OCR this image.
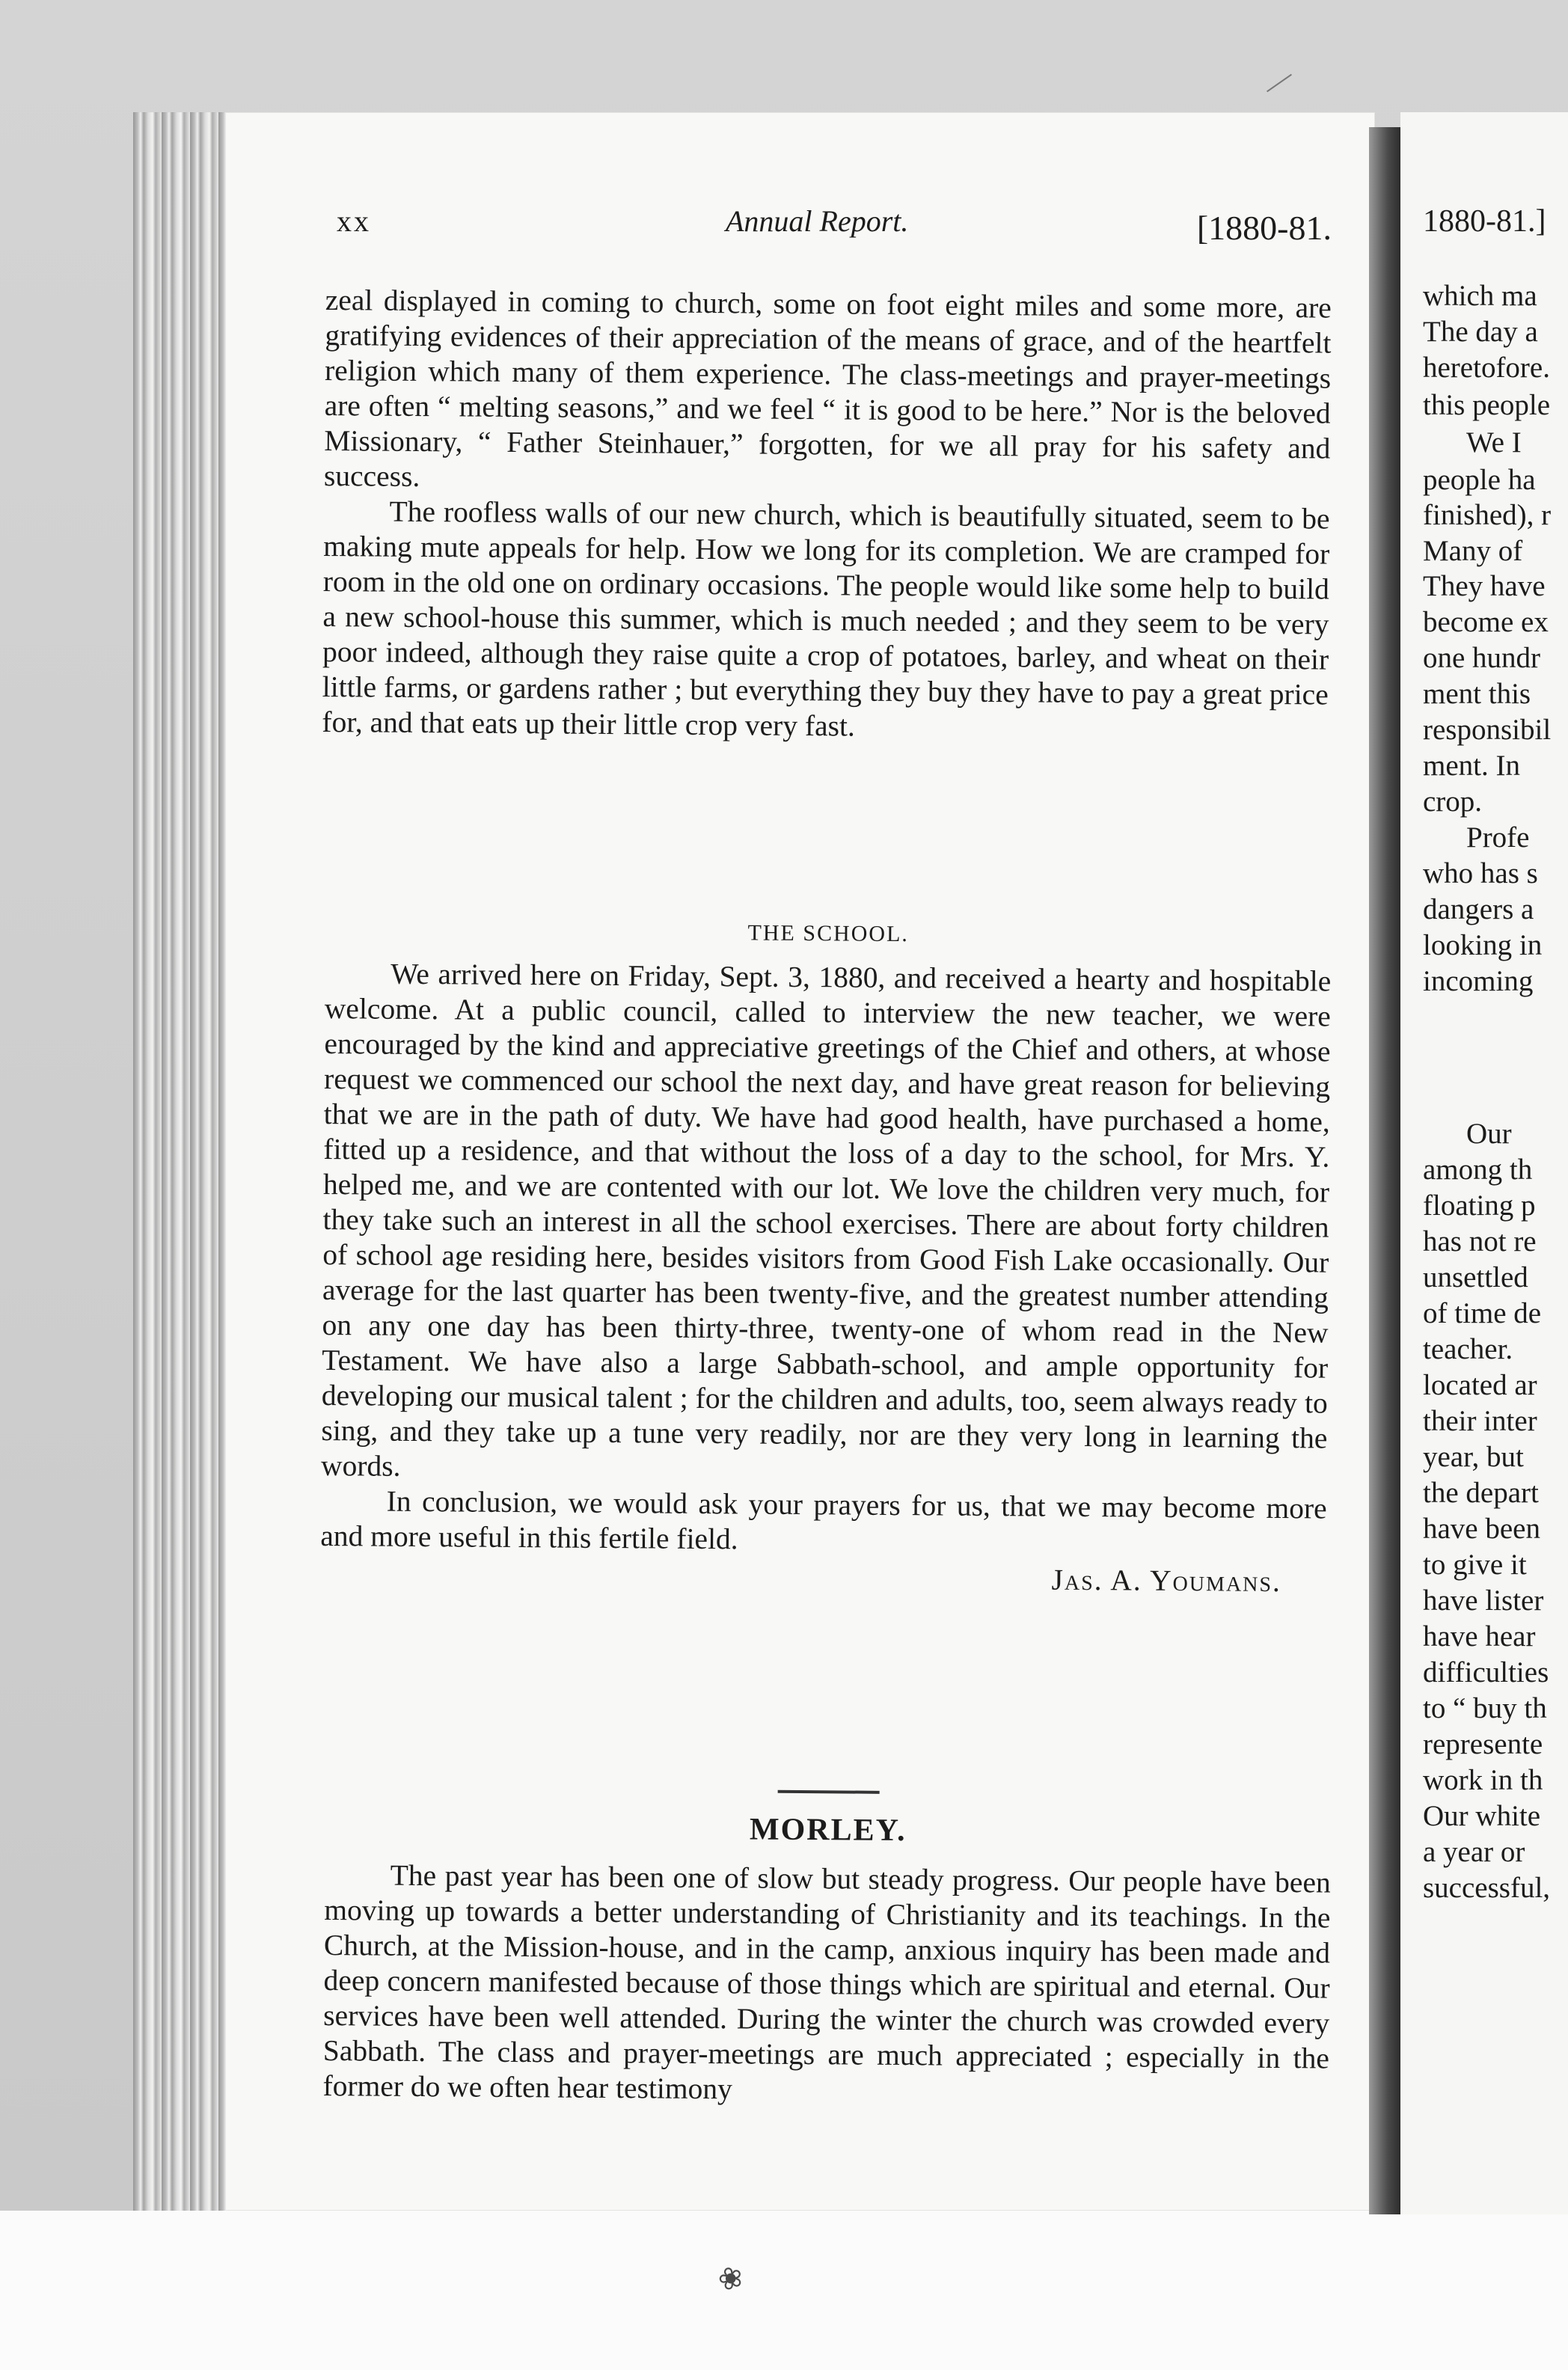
❀
xx	Annual Report.	[1880-81.

zeal displayed in coming to church, some on foot eight miles and some more, are gratifying evidences of their appreciation of the means of grace, and of the heartfelt religion which many of them experience. The class-meetings and prayer-meetings are often “ melting seasons,” and we feel “ it is good to be here.” Nor is the beloved Missionary, “ Father Steinhauer,” forgotten, for we all pray for his safety and success.

The roofless walls of our new church, which is beautifully situated, seem to be making mute appeals for help. How we long for its completion. We are cramped for room in the old one on ordinary occasions. The people would like some help to build a new school-house this summer, which is much needed ; and they seem to be very poor indeed, although they raise quite a crop of potatoes, barley, and wheat on their little farms, or gardens rather ; but everything they buy they have to pay a great price for, and that eats up their little crop very fast.

THE SCHOOL.

We arrived here on Friday, Sept. 3, 1880, and received a hearty and hospitable welcome. At a public council, called to interview the new teacher, we were encouraged by the kind and appreciative greetings of the Chief and others, at whose request we commenced our school the next day, and have great reason for believing that we are in the path of duty. We have had good health, have purchased a home, fitted up a residence, and that without the loss of a day to the school, for Mrs. Y. helped me, and we are contented with our lot. We love the children very much, for they take such an interest in all the school exercises. There are about forty children of school age residing here, besides visitors from Good Fish Lake occasionally. Our average for the last quarter has been twenty-five, and the greatest number attending on any one day has been thirty-three, twenty-one of whom read in the New Testament. We have also a large Sabbath-school, and ample opportunity for developing our musical talent ; for the children and adults, too, seem always ready to sing, and they take up a tune very readily, nor are they very long in learning the words.

In conclusion, we would ask your prayers for us, that we may become more and more useful in this fertile field.

Jas. A. Youmans.
MORLEY.

The past year has been one of slow but steady progress. Our people have been moving up towards a better understanding of Christianity and its teachings. In the Church, at the Mission-house, and in the camp, anxious inquiry has been made and deep concern manifested because of those things which are spiritual and eternal. Our services have been well attended. During the winter the church was crowded every Sabbath. The class and prayer-meetings are much appreciated ; especially in the former do we often hear testimony

1880-81.]
which ma
The day a
heretofore.
this people
We I
people ha
finished), r
Many of
They have
become ex
one hundr
ment this
responsibil
ment. In
crop.
Profe
who has s
dangers a
looking in
incoming
Our
among th
floating p
has not re
unsettled
of time de
teacher.
located ar
their inter
year, but
the depart
have been
to give it
have lister
have hear
difficulties
to “ buy th
represente
work in th
Our white
a year or
successful,
